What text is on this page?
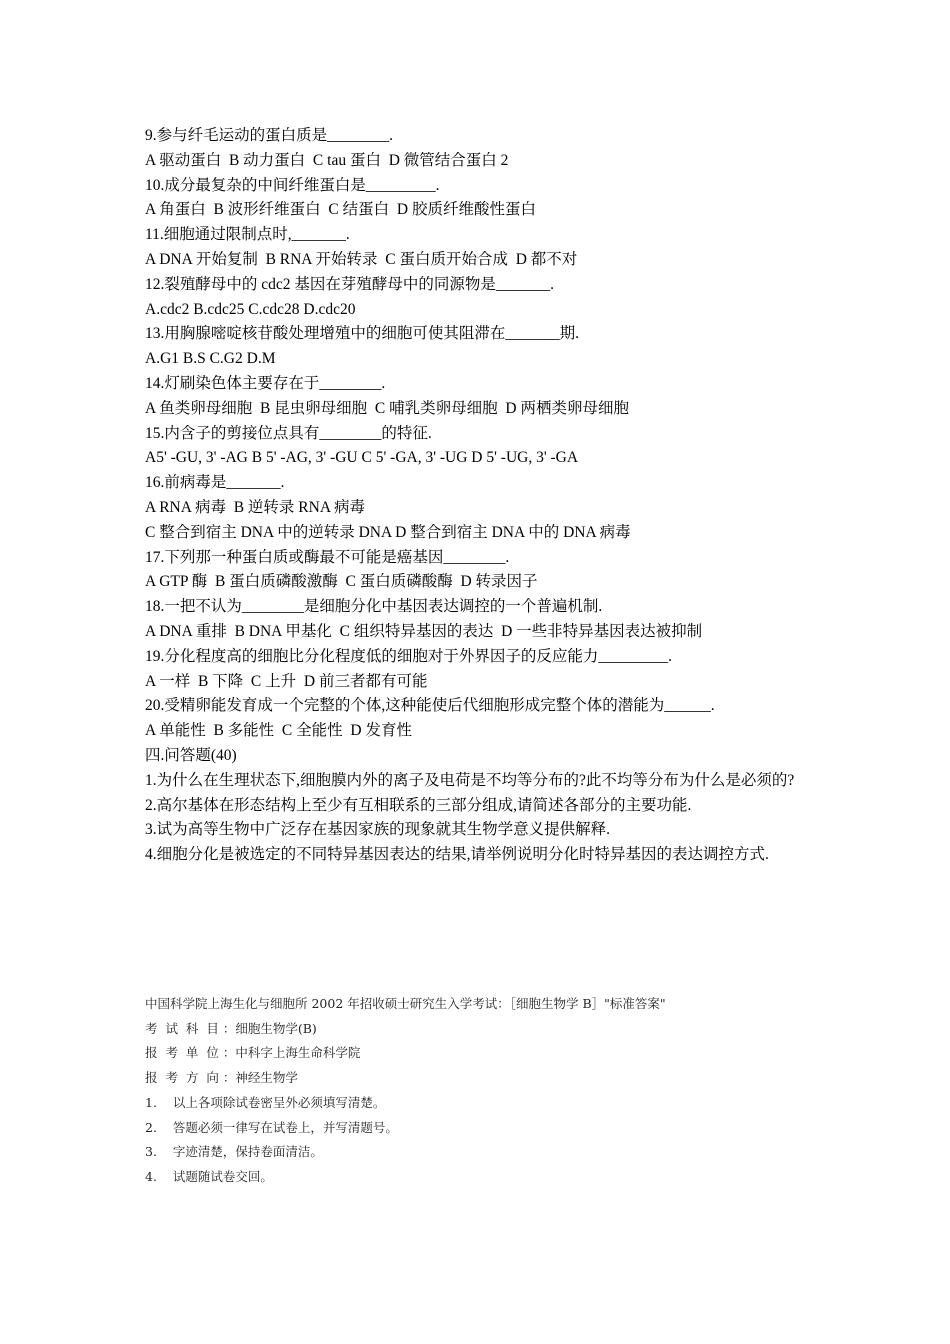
9.参与纤毛运动的蛋白质是________.

A 驱动蛋白  B 动力蛋白  C tau 蛋白  D 微管结合蛋白 2

10.成分最复杂的中间纤维蛋白是_________.

A 角蛋白  B 波形纤维蛋白  C 结蛋白  D 胶质纤维酸性蛋白

11.细胞通过限制点时,_______.

A DNA 开始复制  B RNA 开始转录  C 蛋白质开始合成  D 都不对

12.裂殖酵母中的 cdc2 基因在芽殖酵母中的同源物是_______.

A.cdc2 B.cdc25 C.cdc28 D.cdc20

13.用胸腺嘧啶核苷酸处理增殖中的细胞可使其阻滞在_______期.

A.G1 B.S C.G2 D.M

14.灯刷染色体主要存在于________.

A 鱼类卵母细胞  B 昆虫卵母细胞  C 哺乳类卵母细胞  D 两栖类卵母细胞

15.内含子的剪接位点具有________的特征.

A5' -GU, 3' -AG B 5' -AG, 3' -GU C 5' -GA, 3' -UG D 5' -UG, 3' -GA

16.前病毒是_______.

A RNA 病毒  B 逆转录 RNA 病毒

C 整合到宿主 DNA 中的逆转录 DNA D 整合到宿主 DNA 中的 DNA 病毒

17.下列那一种蛋白质或酶最不可能是癌基因________.

A GTP 酶  B 蛋白质磷酸激酶  C 蛋白质磷酸酶  D 转录因子

18.一把不认为________是细胞分化中基因表达调控的一个普遍机制.

A DNA 重排  B DNA 甲基化  C 组织特异基因的表达  D 一些非特异基因表达被抑制

19.分化程度高的细胞比分化程度低的细胞对于外界因子的反应能力_________.

A 一样  B 下降  C 上升  D 前三者都有可能

20.受精卵能发育成一个完整的个体,这种能使后代细胞形成完整个体的潜能为______.

A 单能性  B 多能性  C 全能性  D 发育性

四.问答题(40)

1.为什么在生理状态下,细胞膜内外的离子及电荷是不均等分布的?此不均等分布为什么是必须的?

2.高尔基体在形态结构上至少有互相联系的三部分组成,请简述各部分的主要功能.

3.试为高等生物中广泛存在基因家族的现象就其生物学意义提供解释.

4.细胞分化是被选定的不同特异基因表达的结果,请举例说明分化时特异基因的表达调控方式.

中国科学院上海生化与细胞所 2002 年招收硕士研究生入学考试：［细胞生物学 B］"标准答案"

考  试  科  目 ：细胞生物学(B)

报  考  单  位 ：中科字上海生命科学院

报  考  方  向 ：神经生物学

1.    以上各项除试卷密呈外必须填写清楚。

2.    答题必须一律写在试卷上，并写清题号。

3.    字迹清楚，保持卷面清洁。

4.    试题随试卷交回。
